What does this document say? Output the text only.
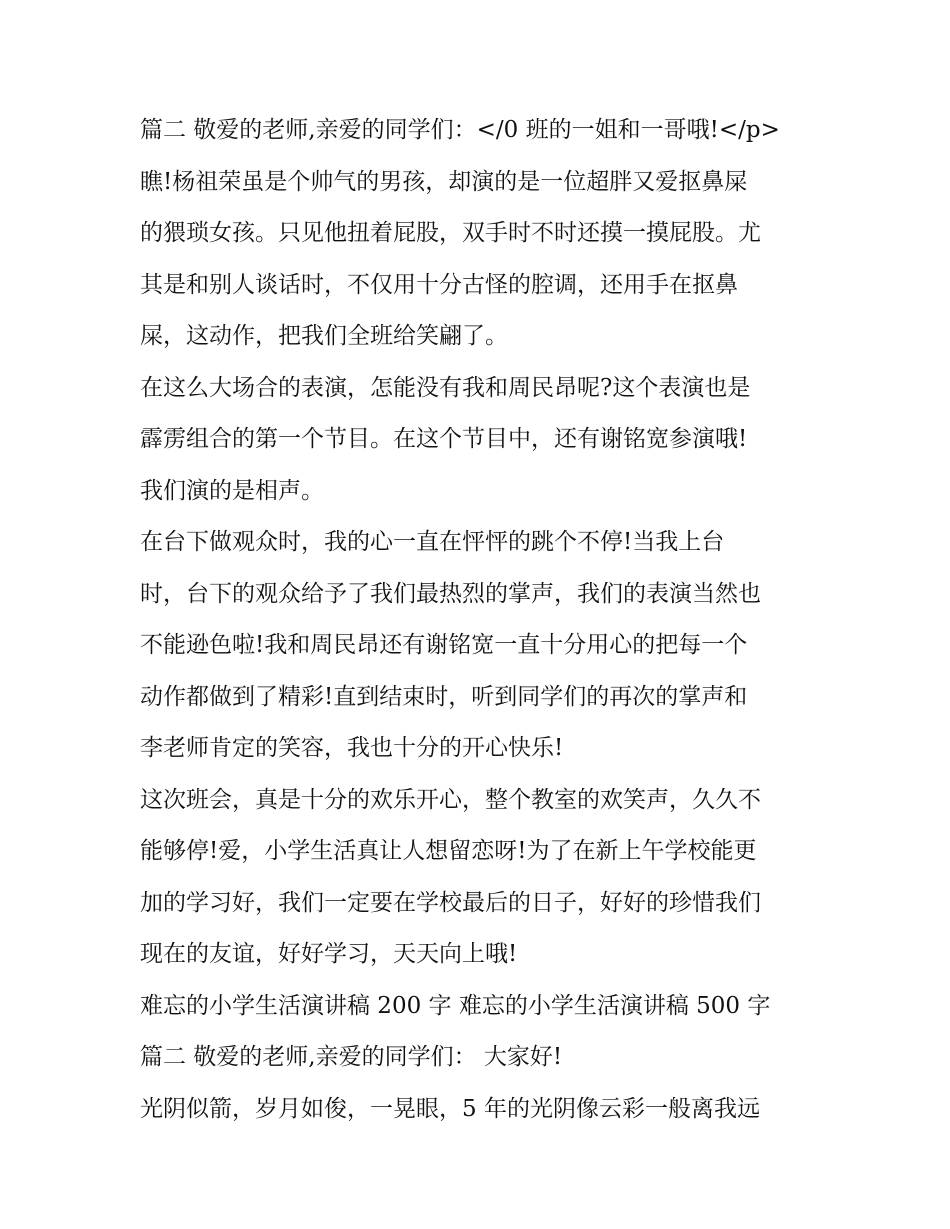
篇二 敬爱的老师,亲爱的同学们：</0 班的一姐和一哥哦!</p>
瞧!杨祖荣虽是个帅气的男孩，却演的是一位超胖又爱抠鼻屎
的猥琐女孩。只见他扭着屁股，双手时不时还摸一摸屁股。尤
其是和别人谈话时，不仅用十分古怪的腔调，还用手在抠鼻
屎，这动作，把我们全班给笑翩了。
在这么大场合的表演，怎能没有我和周民昂呢?这个表演也是
霹雳组合的第一个节目。在这个节目中，还有谢铭宽参演哦!
我们演的是相声。
在台下做观众时，我的心一直在怦怦的跳个不停!当我上台
时，台下的观众给予了我们最热烈的掌声，我们的表演当然也
不能逊色啦!我和周民昂还有谢铭宽一直十分用心的把每一个
动作都做到了精彩!直到结束时，听到同学们的再次的掌声和
李老师肯定的笑容，我也十分的开心快乐!
这次班会，真是十分的欢乐开心，整个教室的欢笑声，久久不
能够停!爱，小学生活真让人想留恋呀!为了在新上午学校能更
加的学习好，我们一定要在学校最后的日子，好好的珍惜我们
现在的友谊，好好学习，天天向上哦!
难忘的小学生活演讲稿 200 字 难忘的小学生活演讲稿 500 字
篇二 敬爱的老师,亲爱的同学们： 大家好!
光阴似箭，岁月如俊，一晃眼，5 年的光阴像云彩一般离我远
